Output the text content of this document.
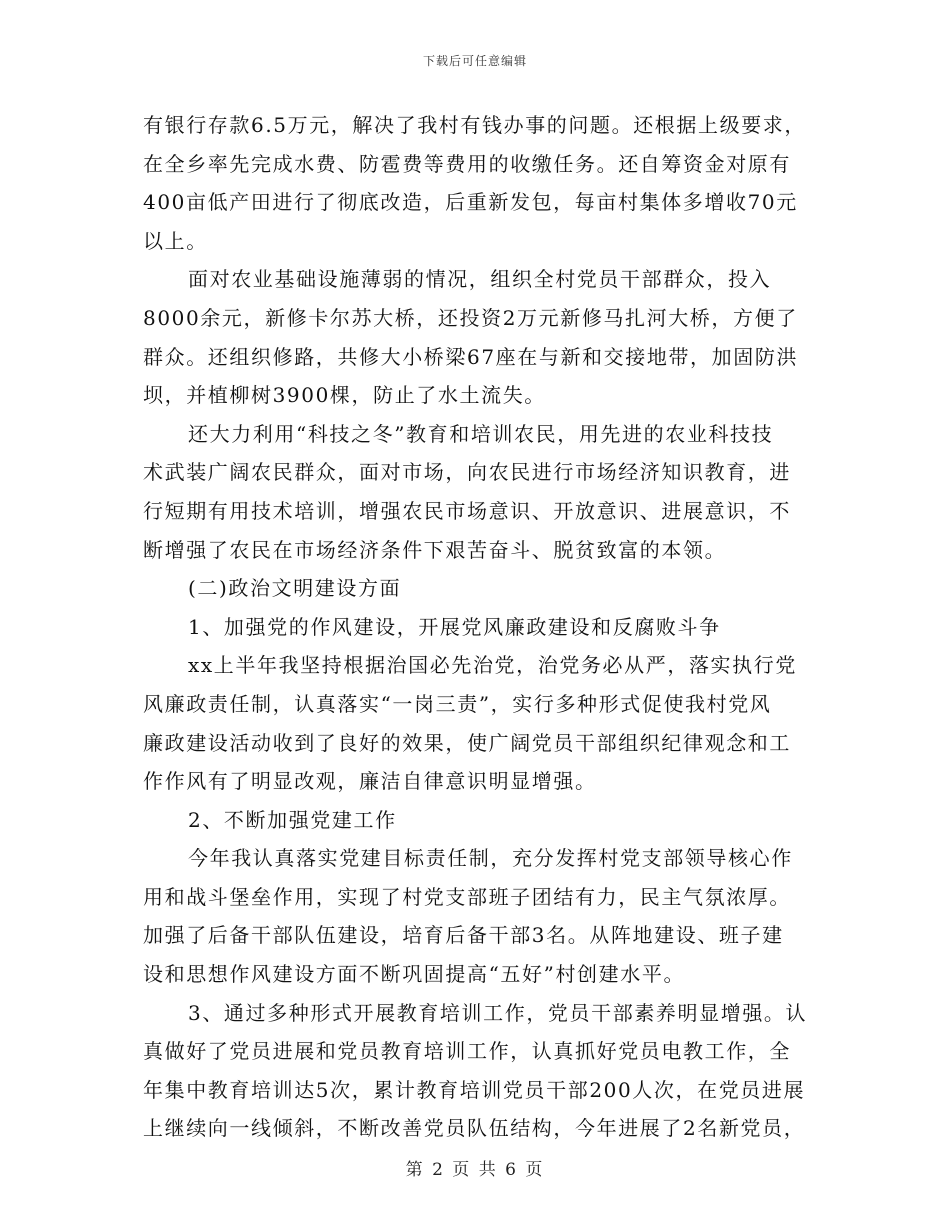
下载后可任意编辑

有银行存款6.5万元，解决了我村有钱办事的问题。还根据上级要求，

在全乡率先完成水费、防雹费等费用的收缴任务。还自筹资金对原有

400亩低产田进行了彻底改造，后重新发包，每亩村集体多增收70元

以上。

面对农业基础设施薄弱的情况，组织全村党员干部群众，投入

8000余元，新修卡尔苏大桥，还投资2万元新修马扎河大桥，方便了

群众。还组织修路，共修大小桥梁67座在与新和交接地带，加固防洪

坝，并植柳树3900棵，防止了水土流失。

还大力利用“科技之冬”教育和培训农民，用先进的农业科技技

术武装广阔农民群众，面对市场，向农民进行市场经济知识教育，进

行短期有用技术培训，增强农民市场意识、开放意识、进展意识，不

断增强了农民在市场经济条件下艰苦奋斗、脱贫致富的本领。

(二)政治文明建设方面

1、加强党的作风建设，开展党风廉政建设和反腐败斗争

xx上半年我坚持根据治国必先治党，治党务必从严，落实执行党

风廉政责任制，认真落实“一岗三责”，实行多种形式促使我村党风

廉政建设活动收到了良好的效果，使广阔党员干部组织纪律观念和工

作作风有了明显改观，廉洁自律意识明显增强。

2、不断加强党建工作

今年我认真落实党建目标责任制，充分发挥村党支部领导核心作

用和战斗堡垒作用，实现了村党支部班子团结有力，民主气氛浓厚。

加强了后备干部队伍建设，培育后备干部3名。从阵地建设、班子建

设和思想作风建设方面不断巩固提高“五好”村创建水平。

3、通过多种形式开展教育培训工作，党员干部素养明显增强。认

真做好了党员进展和党员教育培训工作，认真抓好党员电教工作，全

年集中教育培训达5次，累计教育培训党员干部200人次，在党员进展

上继续向一线倾斜，不断改善党员队伍结构，今年进展了2名新党员，

第 2 页 共 6 页
